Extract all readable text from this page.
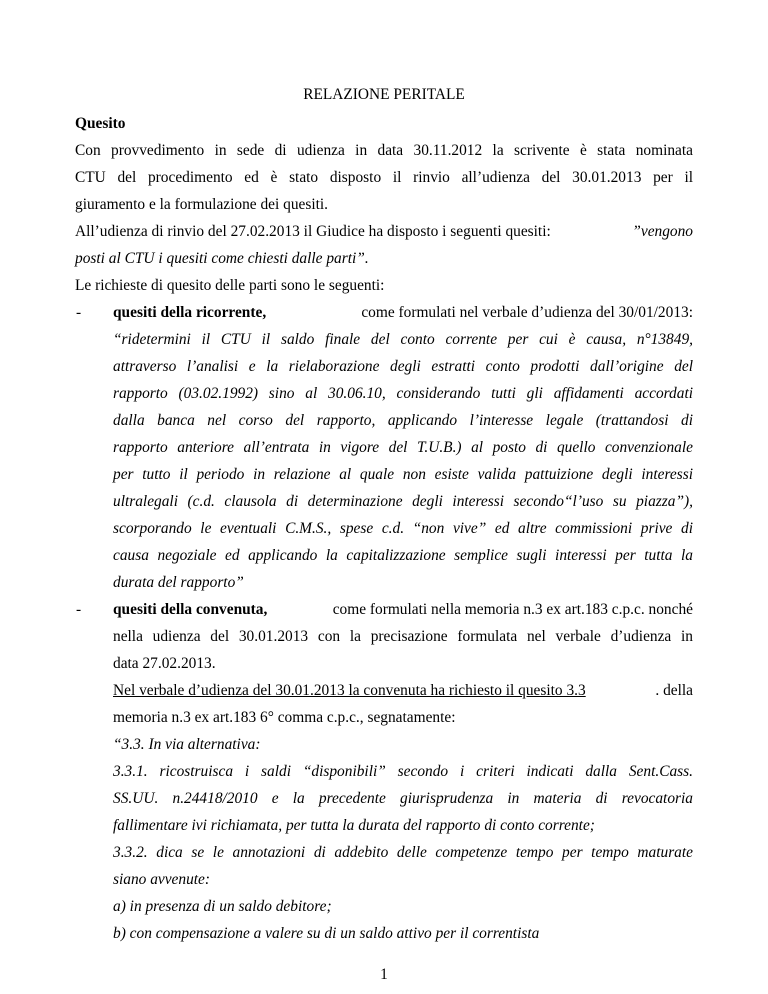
RELAZIONE PERITALE
Quesito
Con provvedimento in sede di udienza in data 30.11.2012 la scrivente è stata nominata
CTU del procedimento ed è stato disposto il rinvio all’udienza del 30.01.2013 per il
giuramento e la formulazione dei quesiti.
All’udienza di rinvio del 27.02.2013 il Giudice ha disposto i seguenti quesiti:	”vengono
posti al CTU i quesiti come chiesti dalle parti”.
Le richieste di quesito delle parti sono le seguenti:
- quesiti della ricorrente,	come formulati nel verbale d’udienza del 30/01/2013:
“ridetermini il CTU il saldo finale del conto corrente per cui è causa, n°13849,
attraverso l’analisi e la rielaborazione degli estratti conto prodotti dall’origine del
rapporto (03.02.1992) sino al 30.06.10, considerando tutti gli affidamenti accordati
dalla banca nel corso del rapporto, applicando l’interesse legale (trattandosi di
rapporto anteriore all’entrata in vigore del T.U.B.) al posto di quello convenzionale
per tutto il periodo in relazione al quale non esiste valida pattuizione degli interessi
ultralegali (c.d. clausola di determinazione degli interessi secondo“l’uso su piazza”),
scorporando le eventuali C.M.S., spese c.d. “non vive” ed altre commissioni prive di
causa negoziale ed applicando la capitalizzazione semplice sugli interessi per tutta la
durata del rapporto”
- quesiti della convenuta,	come formulati nella memoria n.3 ex art.183 c.p.c. nonché
nella udienza del 30.01.2013 con la precisazione formulata nel verbale d’udienza in
data 27.02.2013.
Nel verbale d’udienza del 30.01.2013 la convenuta ha richiesto il quesito 3.3	. della
memoria n.3 ex art.183 6° comma c.p.c., segnatamente:
“3.3. In via alternativa:
3.3.1. ricostruisca i saldi “disponibili” secondo i criteri indicati dalla Sent.Cass.
SS.UU. n.24418/2010 e la precedente giurisprudenza in materia di revocatoria
fallimentare ivi richiamata, per tutta la durata del rapporto di conto corrente;
3.3.2. dica se le annotazioni di addebito delle competenze tempo per tempo maturate
siano avvenute:
a) in presenza di un saldo debitore;
b) con compensazione a valere su di un saldo attivo per il correntista
1
